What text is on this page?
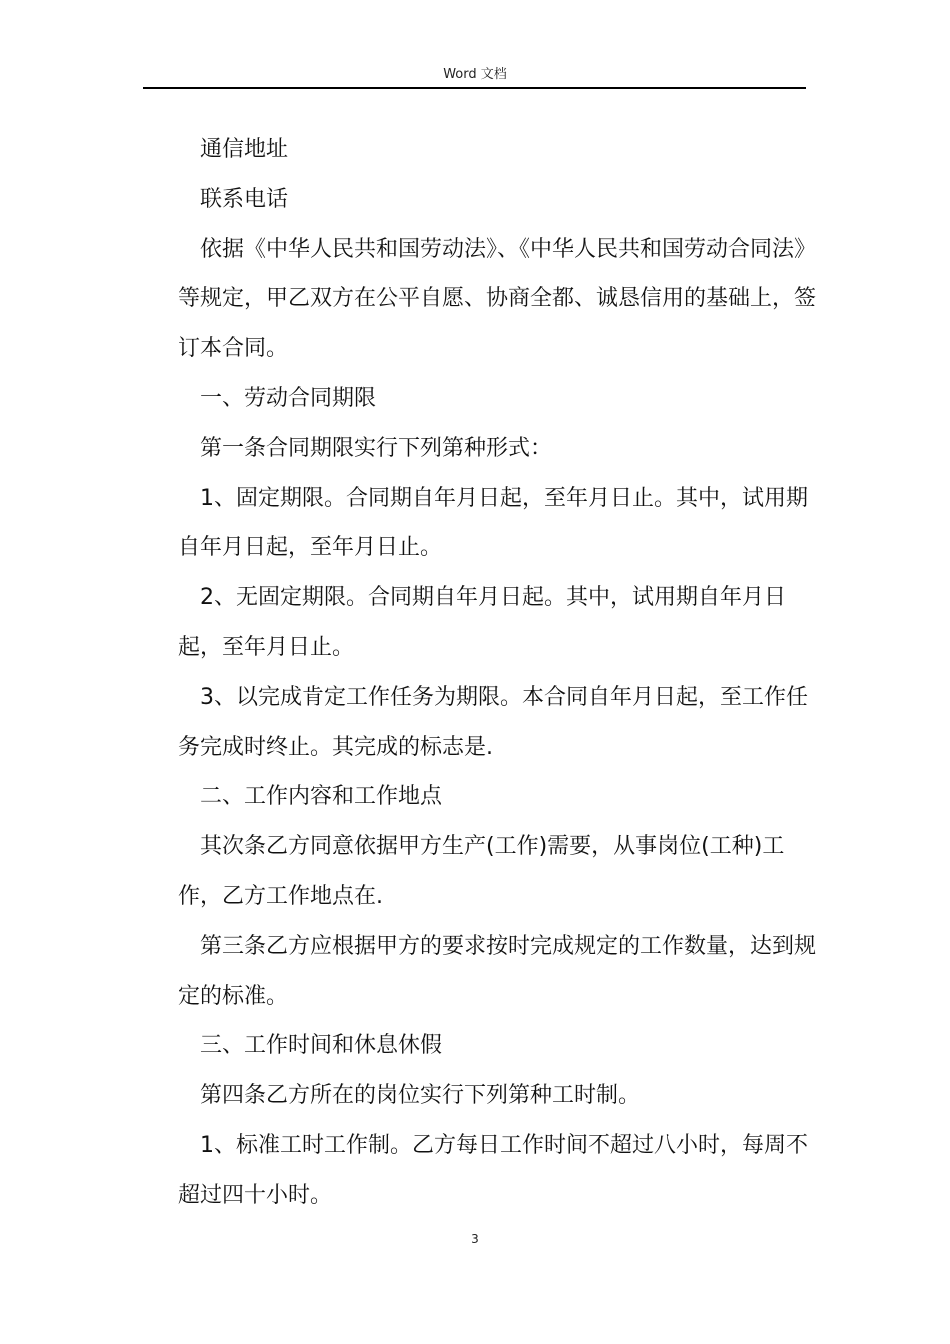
Word 文档

通信地址

联系电话

依据《中华人民共和国劳动法》、《中华人民共和国劳动合同法》等规定，甲乙双方在公平自愿、协商全都、诚恳信用的基础上，签订本合同。

一、劳动合同期限

第一条合同期限实行下列第种形式：

1、固定期限。合同期自年月日起，至年月日止。其中，试用期自年月日起，至年月日止。

2、无固定期限。合同期自年月日起。其中，试用期自年月日起，至年月日止。

3、以完成肯定工作任务为期限。本合同自年月日起，至工作任务完成时终止。其完成的标志是.

二、工作内容和工作地点

其次条乙方同意依据甲方生产(工作)需要，从事岗位(工种)工作，乙方工作地点在.

第三条乙方应根据甲方的要求按时完成规定的工作数量，达到规定的标准。

三、工作时间和休息休假

第四条乙方所在的岗位实行下列第种工时制。

1、标准工时工作制。乙方每日工作时间不超过八小时，每周不超过四十小时。

3
